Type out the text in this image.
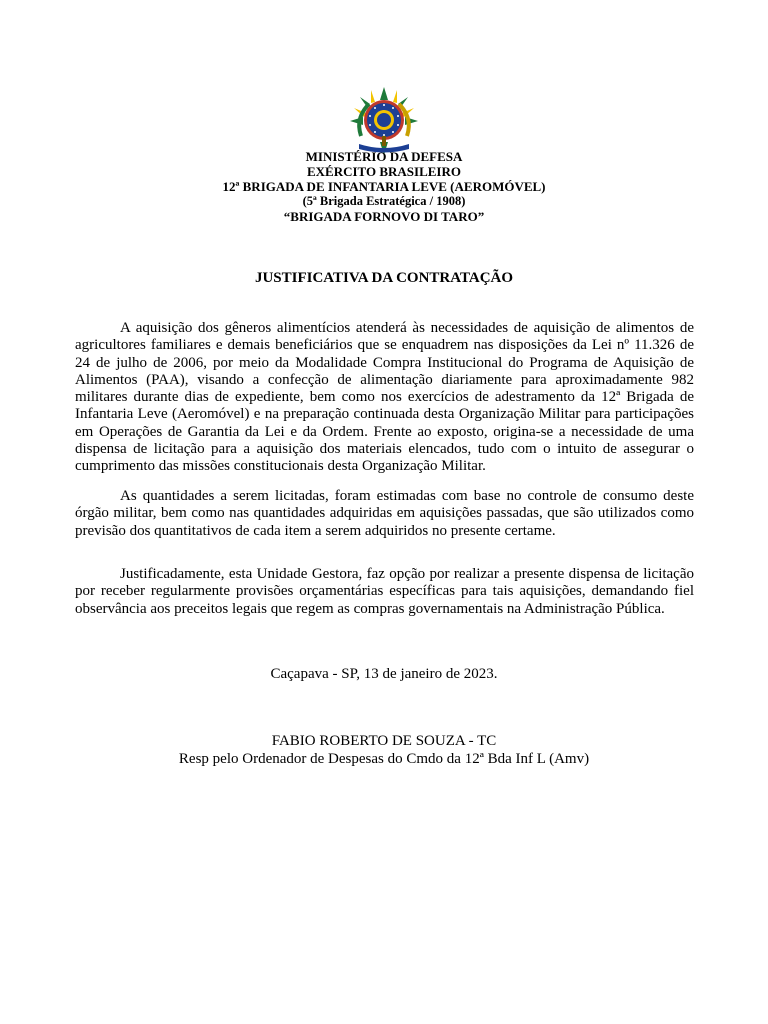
MINISTÉRIO DA DEFESA
EXÉRCITO BRASILEIRO
12ª BRIGADA DE INFANTARIA LEVE (AEROMÓVEL)
(5ª Brigada Estratégica / 1908)
“BRIGADA FORNOVO DI TARO”
JUSTIFICATIVA DA CONTRATAÇÃO

A aquisição dos gêneros alimentícios atenderá às necessidades de aquisição de alimentos de agricultores familiares e demais beneficiários que se enquadrem nas disposições da Lei nº 11.326 de 24 de julho de 2006, por meio da Modalidade Compra Institucional do Programa de Aquisição de Alimentos (PAA), visando a confecção de alimentação diariamente para aproximadamente 982 militares durante dias de expediente, bem como nos exercícios de adestramento da 12ª Brigada de Infantaria Leve (Aeromóvel) e na preparação continuada desta Organização Militar para participações em Operações de Garantia da Lei e da Ordem. Frente ao exposto, origina-se a necessidade de uma dispensa de licitação para a aquisição dos materiais elencados, tudo com o intuito de assegurar o cumprimento das missões constitucionais desta Organização Militar.

As quantidades a serem licitadas, foram estimadas com base no controle de consumo deste órgão militar, bem como nas quantidades adquiridas em aquisições passadas, que são utilizados como previsão dos quantitativos de cada item a serem adquiridos no presente certame.

Justificadamente, esta Unidade Gestora, faz opção por realizar a presente dispensa de licitação por receber regularmente provisões orçamentárias específicas para tais aquisições, demandando fiel observância aos preceitos legais que regem as compras governamentais na Administração Pública.

Caçapava - SP, 13 de janeiro de 2023.
FABIO ROBERTO DE SOUZA - TC
Resp pelo Ordenador de Despesas do Cmdo da 12ª Bda Inf L (Amv)
